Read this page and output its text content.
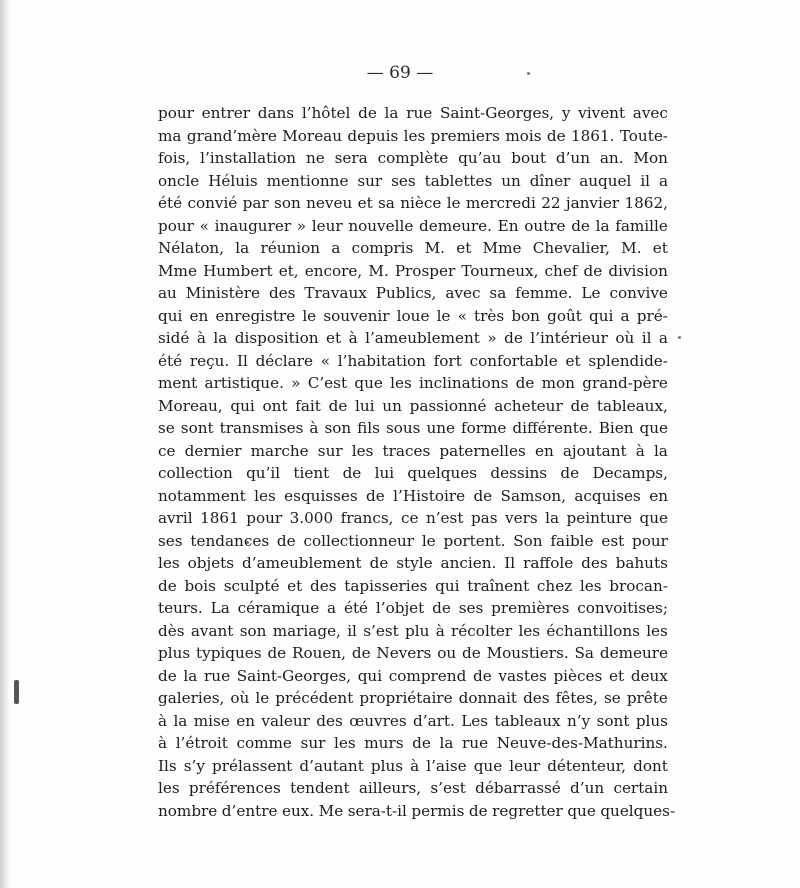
— 69 —
pour entrer dans l’hôtel de la rue Saint-Georges, y vivent avec
ma grand’mère Moreau depuis les premiers mois de 1861. Toute-
fois, l’installation ne sera complète qu’au bout d’un an. Mon
oncle Héluis mentionne sur ses tablettes un dîner auquel il a
été convié par son neveu et sa nièce le mercredi 22 janvier 1862,
pour « inaugurer » leur nouvelle demeure. En outre de la famille
Nélaton, la réunion a compris M. et Mme Chevalier, M. et
Mme Humbert et, encore, M. Prosper Tourneux, chef de division
au Ministère des Travaux Publics, avec sa femme. Le convive
qui en enregistre le souvenir loue le « très bon goût qui a pré-
sidé à la disposition et à l’ameublement » de l’intérieur où il a
été reçu. Il déclare « l’habitation fort confortable et splendide-
ment artistique. » C’est que les inclinations de mon grand-père
Moreau, qui ont fait de lui un passionné acheteur de tableaux,
se sont transmises à son fils sous une forme différente. Bien que
ce dernier marche sur les traces paternelles en ajoutant à la
collection qu’il tient de lui quelques dessins de Decamps,
notamment les esquisses de l’Histoire de Samson, acquises en
avril 1861 pour 3.000 francs, ce n’est pas vers la peinture que
ses tendances de collectionneur le portent. Son faible est pour
les objets d’ameublement de style ancien. Il raffole des bahuts
de bois sculpté et des tapisseries qui traînent chez les brocan-
teurs. La céramique a été l’objet de ses premières convoitises;
dès avant son mariage, il s’est plu à récolter les échantillons les
plus typiques de Rouen, de Nevers ou de Moustiers. Sa demeure
de la rue Saint-Georges, qui comprend de vastes pièces et deux
galeries, où le précédent propriétaire donnait des fêtes, se prête
à la mise en valeur des œuvres d’art. Les tableaux n’y sont plus
à l’étroit comme sur les murs de la rue Neuve-des-Mathurins.
Ils s’y prélassent d’autant plus à l’aise que leur détenteur, dont
les préférences tendent ailleurs, s’est débarrassé d’un certain
nombre d’entre eux. Me sera-t-il permis de regretter que quelques-
